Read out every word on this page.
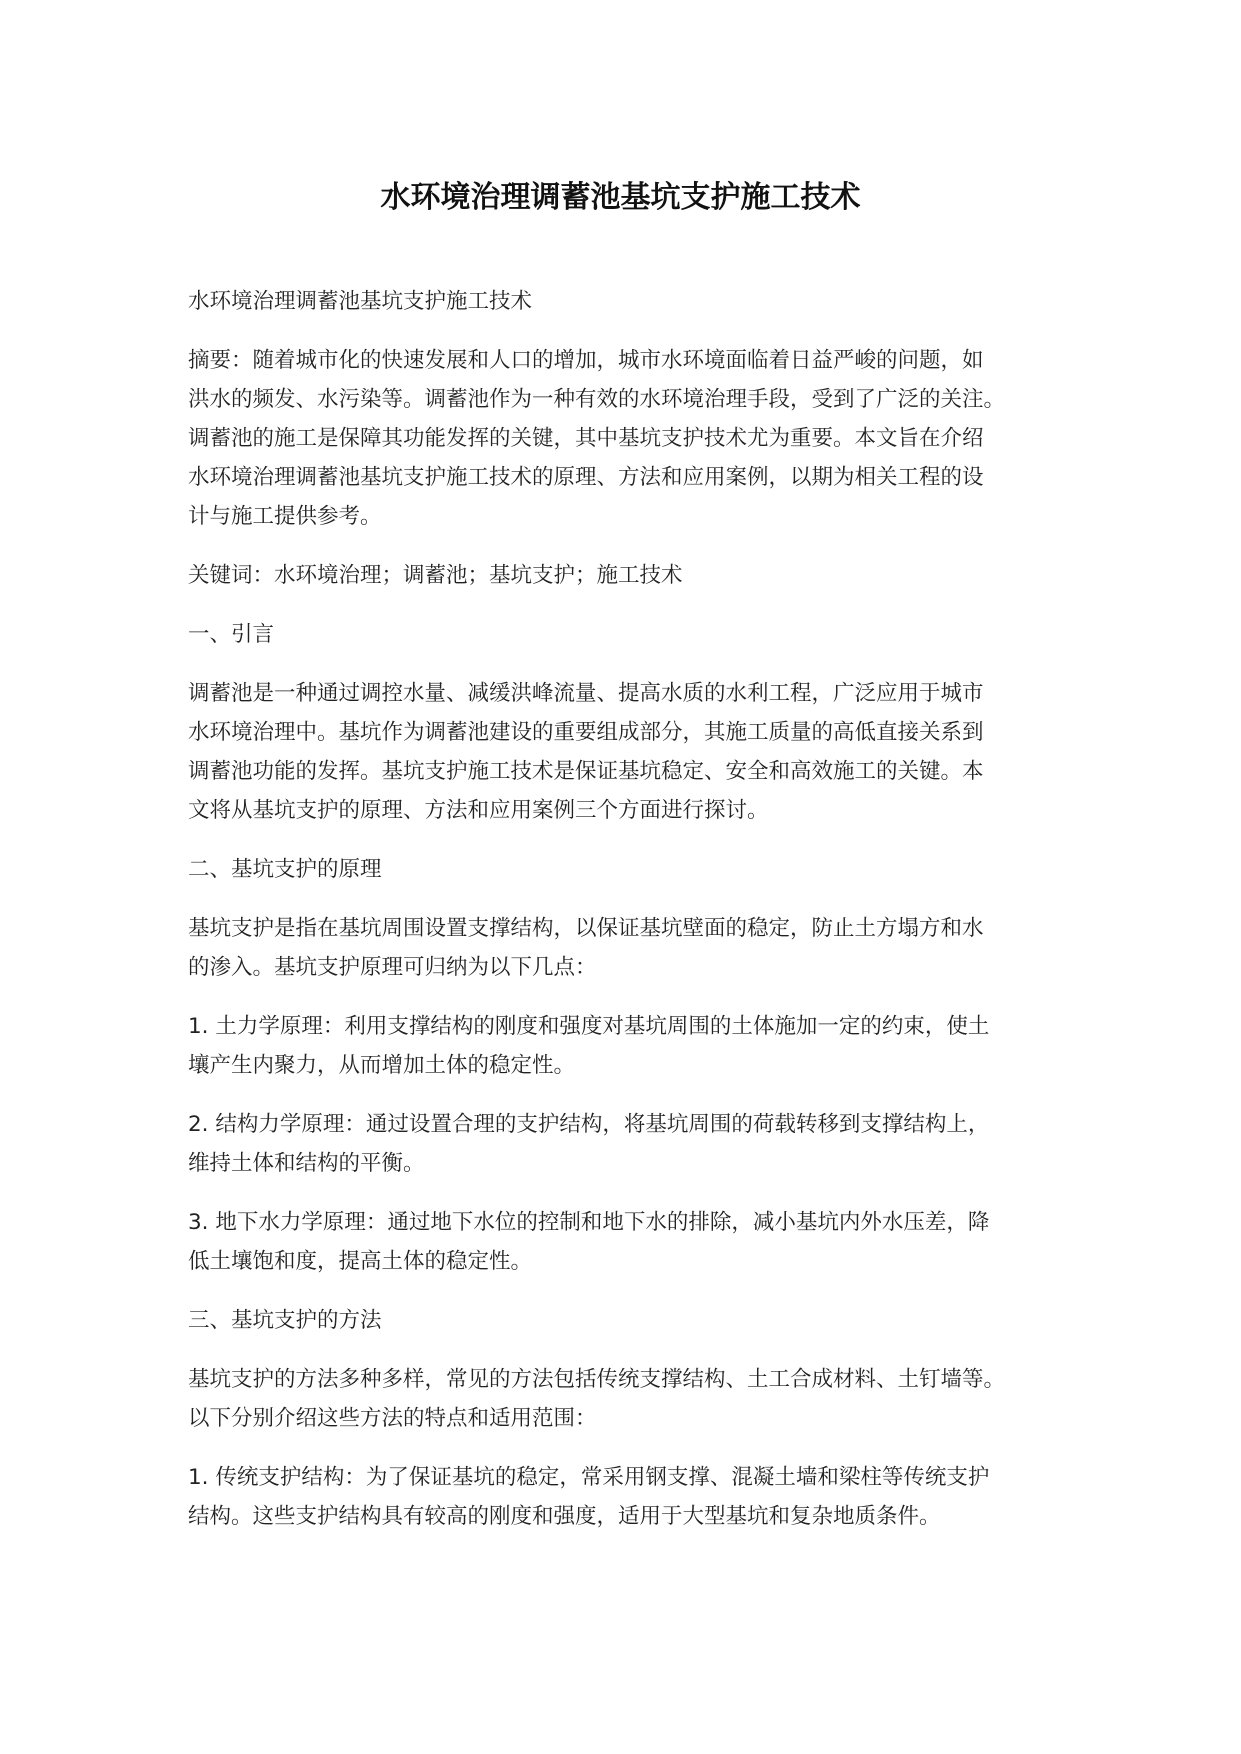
水环境治理调蓄池基坑支护施工技术

水环境治理调蓄池基坑支护施工技术

摘要：随着城市化的快速发展和人口的增加，城市水环境面临着日益严峻的问题，如
洪水的频发、水污染等。调蓄池作为一种有效的水环境治理手段，受到了广泛的关注。
调蓄池的施工是保障其功能发挥的关键，其中基坑支护技术尤为重要。本文旨在介绍
水环境治理调蓄池基坑支护施工技术的原理、方法和应用案例，以期为相关工程的设
计与施工提供参考。

关键词：水环境治理；调蓄池；基坑支护；施工技术

一、引言

调蓄池是一种通过调控水量、减缓洪峰流量、提高水质的水利工程，广泛应用于城市
水环境治理中。基坑作为调蓄池建设的重要组成部分，其施工质量的高低直接关系到
调蓄池功能的发挥。基坑支护施工技术是保证基坑稳定、安全和高效施工的关键。本
文将从基坑支护的原理、方法和应用案例三个方面进行探讨。

二、基坑支护的原理

基坑支护是指在基坑周围设置支撑结构，以保证基坑壁面的稳定，防止土方塌方和水
的渗入。基坑支护原理可归纳为以下几点：

1. 土力学原理：利用支撑结构的刚度和强度对基坑周围的土体施加一定的约束，使土
壤产生内聚力，从而增加土体的稳定性。

2. 结构力学原理：通过设置合理的支护结构，将基坑周围的荷载转移到支撑结构上，
维持土体和结构的平衡。

3. 地下水力学原理：通过地下水位的控制和地下水的排除，减小基坑内外水压差，降
低土壤饱和度，提高土体的稳定性。

三、基坑支护的方法

基坑支护的方法多种多样，常见的方法包括传统支撑结构、土工合成材料、土钉墙等。
以下分别介绍这些方法的特点和适用范围：

1. 传统支护结构：为了保证基坑的稳定，常采用钢支撑、混凝土墙和梁柱等传统支护
结构。这些支护结构具有较高的刚度和强度，适用于大型基坑和复杂地质条件。
